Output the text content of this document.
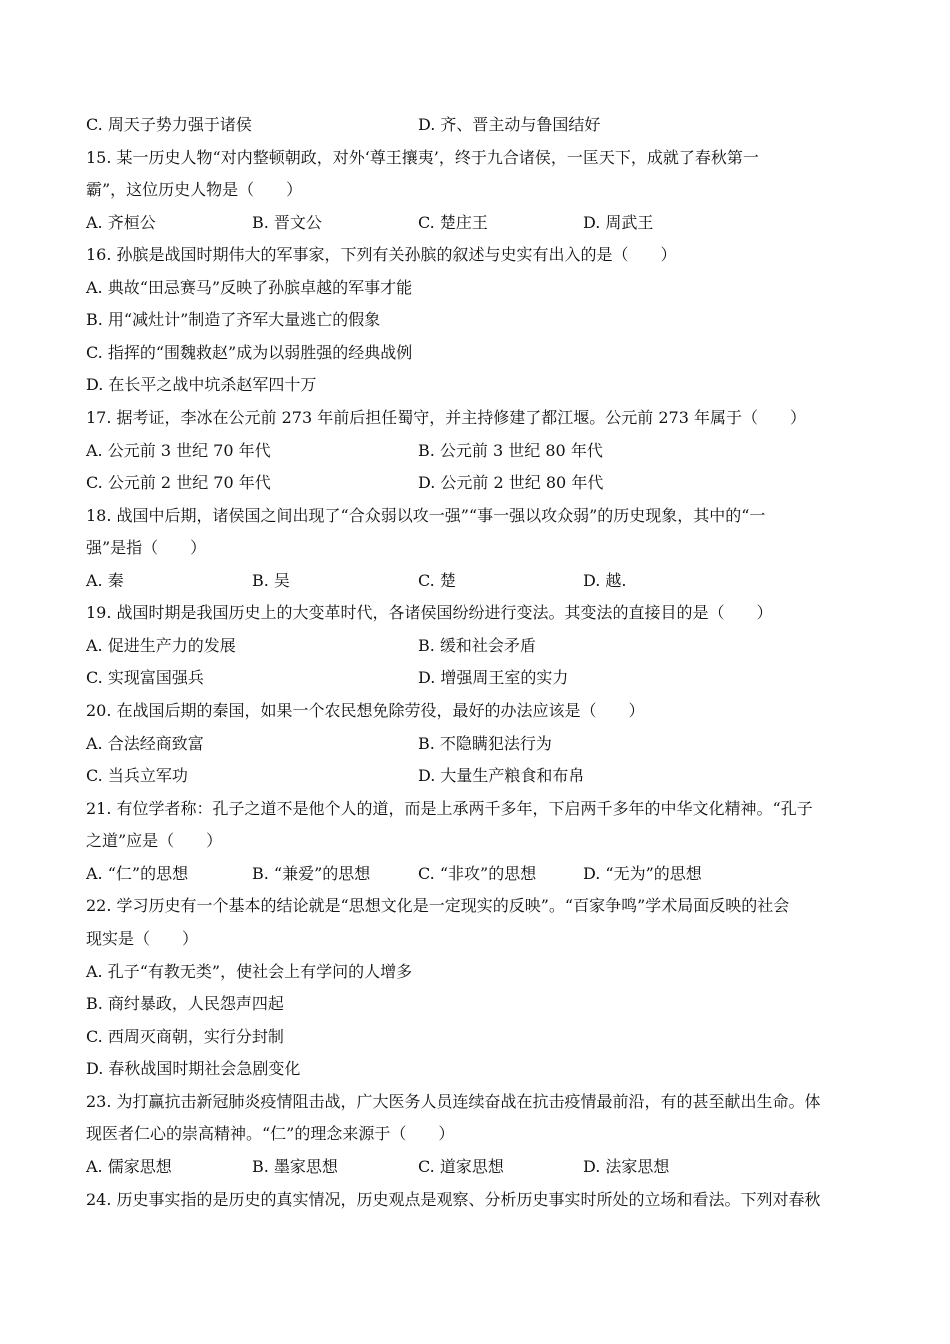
C. 周天子势力强于诸侯	D. 齐、晋主动与鲁国结好
15. 某一历史人物“对内整顿朝政，对外‘尊王攘夷’，终于九合诸侯，一匡天下，成就了春秋第一
霸”，这位历史人物是（　　）
A. 齐桓公	B. 晋文公	C. 楚庄王	D. 周武王
16. 孙膑是战国时期伟大的军事家，下列有关孙膑的叙述与史实有出入的是（　　）
A. 典故“田忌赛马”反映了孙膑卓越的军事才能
B. 用“减灶计”制造了齐军大量逃亡的假象
C. 指挥的“围魏救赵”成为以弱胜强的经典战例
D. 在长平之战中坑杀赵军四十万
17. 据考证，李冰在公元前 273 年前后担任蜀守，并主持修建了都江堰。公元前 273 年属于（　　）
A. 公元前 3 世纪 70 年代	B. 公元前 3 世纪 80 年代
C. 公元前 2 世纪 70 年代	D. 公元前 2 世纪 80 年代
18. 战国中后期，诸侯国之间出现了“合众弱以攻一强”“事一强以攻众弱”的历史现象，其中的“一
强”是指（　　）
A. 秦	B. 吴	C. 楚	D. 越.
19. 战国时期是我国历史上的大变革时代，各诸侯国纷纷进行变法。其变法的直接目的是（　　）
A. 促进生产力的发展	B. 缓和社会矛盾
C. 实现富国强兵	D. 增强周王室的实力
20. 在战国后期的秦国，如果一个农民想免除劳役，最好的办法应该是（　　）
A. 合法经商致富	B. 不隐瞒犯法行为
C. 当兵立军功	D. 大量生产粮食和布帛
21. 有位学者称：孔子之道不是他个人的道，而是上承两千多年，下启两千多年的中华文化精神。“孔子
之道”应是（　　）
A. “仁”的思想	B. “兼爱”的思想	C. “非攻”的思想	D. “无为”的思想
22. 学习历史有一个基本的结论就是“思想文化是一定现实的反映”。“百家争鸣”学术局面反映的社会
现实是（　　）
A. 孔子“有教无类”，使社会上有学问的人增多
B. 商纣暴政，人民怨声四起
C. 西周灭商朝，实行分封制
D. 春秋战国时期社会急剧变化
23. 为打赢抗击新冠肺炎疫情阻击战，广大医务人员连续奋战在抗击疫情最前沿，有的甚至献出生命。体
现医者仁心的崇高精神。“仁”的理念来源于（　　）
A. 儒家思想	B. 墨家思想	C. 道家思想	D. 法家思想
24. 历史事实指的是历史的真实情况，历史观点是观察、分析历史事实时所处的立场和看法。下列对春秋
